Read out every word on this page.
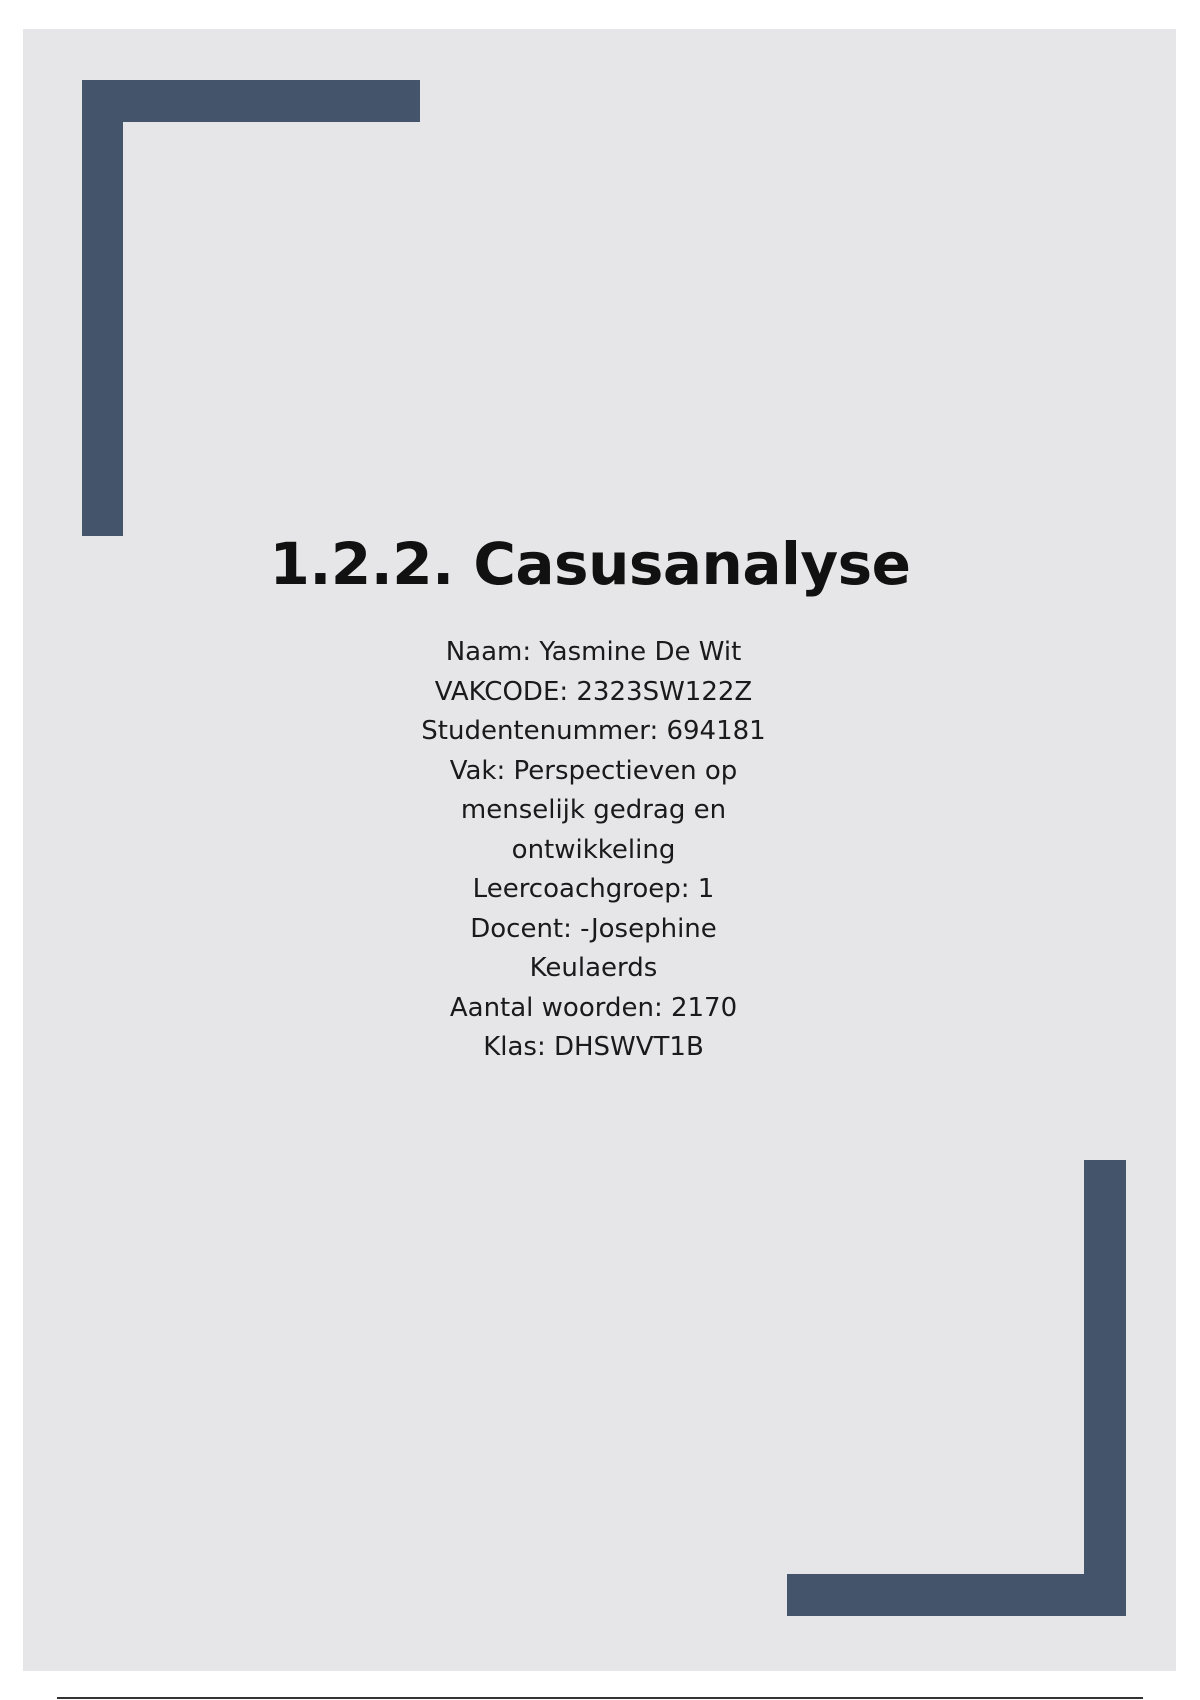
1.2.2. Casusanalyse
Naam: Yasmine De Wit
VAKCODE: 2323SW122Z
Studentenummer: 694181
Vak: Perspectieven op menselijk gedrag en ontwikkeling
Leercoachgroep: 1
Docent: -Josephine Keulaerds
Aantal woorden: 2170
Klas: DHSWVT1B
